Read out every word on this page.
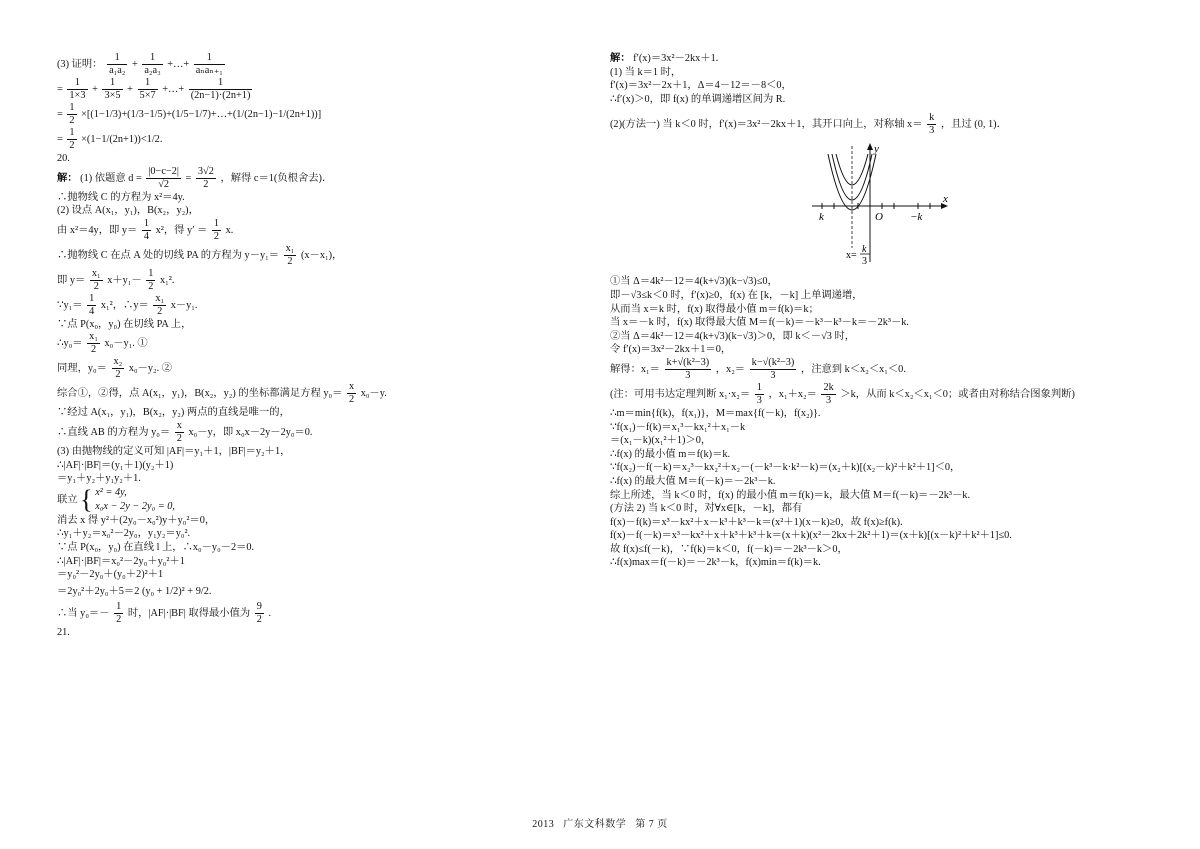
(3) 证明： $\frac{1}{\text{a₁a₂}} + \frac{1}{\text{a₂a₃}}$ +…+ $\frac{1}{\text{aₙaₙ₊₁}}$
= $\frac{1}{1\times 3} + \frac{1}{3\times 5} + \frac{1}{5\times 7}$ +…+ $\frac{1}{(2n-1)\cdot(2n+1)}$
= $\frac{1}{2}$ ×[(1−1/3)+(1/3−1/5)+(1/5−1/7)+…+(1/(2n−1)−1/(2n+1))]
= $\frac{1}{2} \times(1-1/(2n+1))<1/2$.
20.
解： (1) 依题意 $d = \frac{|0-c-2|}{√2} = \frac{3√2}{2}$ ，解得 c＝1(负根舍去)．
∴抛物线 C 的方程为 x²＝4y.
(2) 设点 A(x₁，y₁)，B(x₂，y₂)，
由 x²＝4y，即 $y= \frac{1}{4} x^2$，得 $y' = \frac{1}{2} x$.
∴抛物线 C 在点 A 处的切线 PA 的方程为 $y-y_1= \frac{\text{x₁}}{2} (x-x_1)$，
即 $y= \frac{\text{x₁}}{2} x+y_1- \frac{1}{2} x_1^2$.
∵y₁＝ $\frac{1}{4} x_1^2$，∴y＝ $\frac{\text{x₁}}{2} x-y_1$.
∵点 P(x₀，y₀) 在切线 PA 上，
∴y₀＝ $\frac{\text{x₁}}{2} x_0-y_1$. ①
同理，$y_0= \frac{\text{x₂}}{2} x_0-y_2$. ②
综合①，②得，点 A(x₁，y₁)，B(x₂，y₂) 的坐标都满足方程 $y_0= \frac{x}{2} x_0-y$.
∵经过 A(x₁，y₁)，B(x₂，y₂) 两点的直线是唯一的，
∴直线 AB 的方程为 $y_0= \frac{x}{2} x_0-y$，即 x₀x－2y－2y₀＝0.
(3) 由抛物线的定义可知 |AF|＝y₁＋1，|BF|＝y₂＋1，
∴|AF|·|BF|＝(y₁＋1)(y₂＋1)
＝y₁＋y₂＋y₁y₂＋1.
联立 { x² = 4y,
x₀x − 2y − 2y₀ = 0,
消去 x 得 y²＋(2y₀－x₀²)y＋y₀²＝0，
∴y₁＋y₂＝x₀²－2y₀，y₁y₂＝y₀².
∵点 P(x₀，y₀) 在直线 l 上，∴x₀－y₀－2＝0.
∴|AF|·|BF|＝x₀²－2y₀＋y₀²＋1
＝y₀²－2y₀＋(y₀＋2)²＋1
＝2y₀²＋2y₀＋5＝2 (y₀ + 1/2)² + 9/2.
∴当 $y_0=- \frac{1}{2}$ 时，|AF|·|BF| 取得最小值为 $\frac{9}{2}$ .
21.
解： f′(x)＝3x²－2kx＋1.
(1) 当 k＝1 时，
f′(x)＝3x²－2x＋1，Δ＝4－12＝－8＜0，
∴f′(x)＞0，即 f(x) 的单调递增区间为 R.
(2)(方法一) 当 k＜0 时，f′(x)＝3x²－2kx＋1，其开口向上，对称轴 $x= \frac{k}{3}$ ，且过 (0, 1)．
①当 Δ＝4k²－12＝4(k+√3)(k−√3)≤0，
即－√3≤k＜0 时，f′(x)≥0，f(x) 在 [k，－k] 上单调递增，
从而当 x＝k 时，f(x) 取得最小值 m＝f(k)＝k；
当 x＝－k 时，f(x) 取得最大值 M＝f(－k)＝－k³－k³－k＝－2k³－k.
②当 Δ＝4k²－12＝4(k+√3)(k−√3)＞0，即 k＜－√3 时，
令 f′(x)＝3x²－2kx＋1＝0，
解得：$x_1= \frac{\text{k+√(k²−3)}}{3}$ ，$x_2= \frac{\text{k−√(k²−3)}}{3}$ ，注意到 k＜x₂＜x₁＜0.
(注：可用韦达定理判断 $x_1\cdot x_2= \frac{1}{3}$ ，$x_1+x_2= \frac{2k}{3} >k$，从而 k＜x₂＜x₁＜0；或者由对称结合图象判断)
∴m＝min{f(k)，f(x₁)}，M＝max{f(－k)，f(x₂)}.
∵f(x₁)－f(k)＝x₁³－kx₁²＋x₁－k
＝(x₁－k)(x₁²＋1)＞0，
∴f(x) 的最小值 m＝f(k)＝k.
∵f(x₂)－f(－k)＝x₂³－kx₂²＋x₂－(－k³－k·k²－k)＝(x₂＋k)[(x₂－k)²＋k²＋1]＜0，
∴f(x) 的最大值 M＝f(－k)＝－2k³－k.
综上所述，当 k＜0 时，f(x) 的最小值 m＝f(k)＝k，最大值 M＝f(－k)＝－2k³－k.
(方法 2) 当 k＜0 时，对∀x∈[k，－k]，都有
f(x)－f(k)＝x³－kx²＋x－k³＋k³－k＝(x²＋1)(x－k)≥0，故 f(x)≥f(k).
f(x)－f(－k)＝x³－kx²＋x＋k³＋k³＋k＝(x＋k)(x²－2kx＋2k²＋1)＝(x＋k)[(x－k)²＋k²＋1]≤0.
故 f(x)≤f(－k)，∵f(k)＝k＜0，f(－k)＝－2k³－k＞0，
∴f(x)max＝f(－k)＝－2k³－k，f(x)min＝f(k)＝k.
y
x
k	O −k
x=
k
3
2013 广东文科数学 第 7 页
